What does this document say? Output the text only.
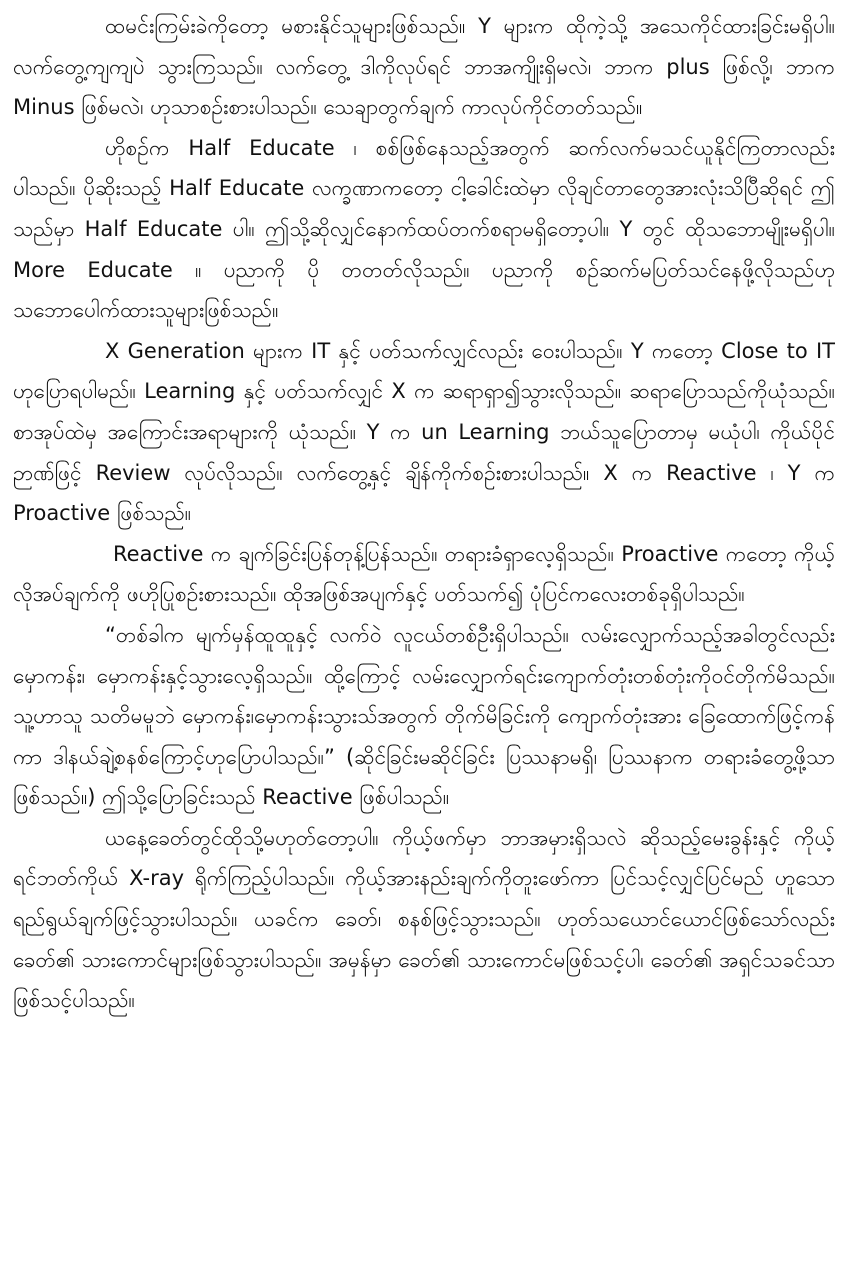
ထမင်းကြမ်းခဲကိုတော့ မစားနိုင်သူများဖြစ်သည်။ Y များက ထိုကဲ့သို့ အသေကိုင်ထားခြင်းမရှိပါ။ လက်တွေ့ကျကျပဲ သွားကြသည်။ လက်တွေ့ ဒါကိုလုပ်ရင် ဘာအကျိုးရှိမလဲ၊ ဘာက plus ဖြစ်လို့၊ ဘာက Minus ဖြစ်မလဲ၊ ဟုသာစဉ်းစားပါသည်။ သေချာတွက်ချက် ကာလုပ်ကိုင်တတ်သည်။

ဟိုစဉ်က Half Educate ၊ စစ်ဖြစ်နေသည့်အတွက် ဆက်လက်မသင်ယူနိုင်ကြတာလည်းပါသည်။ ပိုဆိုးသည့် Half Educate လက္ခဏာကတော့ ငါ့ခေါင်းထဲမှာ လိုချင်တာတွေအားလုံးသိပြီဆိုရင် ဤသည်မှာ Half Educate ပါ။ ဤသို့ဆိုလျှင်နောက်ထပ်တက်စရာမရှိတော့ပါ။ Y တွင် ထိုသဘောမျိုးမရှိပါ။ More Educate ။ ပညာကို ပို တတတ်လိုသည်။ ပညာကို စဉ်ဆက်မပြတ်သင်နေဖို့လိုသည်ဟု သဘောပေါက်ထားသူများဖြစ်သည်။

X Generation များက IT နှင့် ပတ်သက်လျှင်လည်း ဝေးပါသည်။ Y ကတော့ Close to IT ဟုပြောရပါမည်။ Learning နှင့် ပတ်သက်လျှင် X က ဆရာရှာ၍သွားလိုသည်။ ဆရာပြောသည်ကိုယုံသည်။ စာအုပ်ထဲမှ အကြောင်းအရာများကို ယုံသည်။ Y က un Learning ဘယ်သူပြောတာမှ မယုံပါ၊ ကိုယ်ပိုင်ဉာဏ်ဖြင့် Review လုပ်လိုသည်။ လက်တွေ့နှင့် ချိန်ကိုက်စဉ်းစားပါသည်။ X က Reactive ၊ Y က Proactive ဖြစ်သည်။

Reactive က ချက်ခြင်းပြန်တုန့်ပြန်သည်။ တရားခံရှာလေ့ရှိသည်။ Proactive ကတော့ ကိုယ့်လိုအပ်ချက်ကို ဖဟိုပြုစဉ်းစားသည်။ ထိုအဖြစ်အပျက်နှင့် ပတ်သက်၍ ပုံပြင်ကလေးတစ်ခုရှိပါသည်။

“တစ်ခါက မျက်မှန်ထူထူနှင့် လက်ဝဲ လူငယ်တစ်ဦးရှိပါသည်။ လမ်းလျှောက်သည့်အခါတွင်လည်း မှောကန်း၊ မှောကန်းနှင့်သွားလေ့ရှိသည်။ ထို့ကြောင့် လမ်းလျှောက်ရင်းကျောက်တုံးတစ်တုံးကိုဝင်တိုက်မိသည်။ သူ့ဟာသူ သတိမမူဘဲ မှောကန်း၊မှောကန်းသွားသ်အတွက် တိုက်မိခြင်းကို ကျောက်တုံးအား ခြေထောက်ဖြင့်ကန်ကာ ဒါနယ်ချဲ့စနစ်ကြောင့်ဟုပြောပါသည်။” (ဆိုင်ခြင်းမဆိုင်ခြင်း ပြဿနာမရှိ၊ ပြဿနာက တရားခံတွေ့ဖို့သာ ဖြစ်သည်။) ဤသို့ပြောခြင်းသည် Reactive ဖြစ်ပါသည်။

ယနေ့ခေတ်တွင်ထိုသို့မဟုတ်တော့ပါ။ ကိုယ့်ဖက်မှာ ဘာအမှားရှိသလဲ ဆိုသည့်မေးခွန်းနှင့် ကိုယ့်ရင်ဘတ်ကိုယ် X-ray ရိုက်ကြည့်ပါသည်။ ကိုယ့်အားနည်းချက်ကိုတူးဖော်ကာ ပြင်သင့်လျှင်ပြင်မည် ဟူသောရည်ရွယ်ချက်ဖြင့်သွားပါသည်။ ယခင်က ခေတ်၊ စနစ်ဖြင့်သွားသည်။ ဟုတ်သယောင်ယောင်ဖြစ်သော်လည်း ခေတ်၏ သားကောင်များဖြစ်သွားပါသည်။ အမှန်မှာ ခေတ်၏ သားကောင်မဖြစ်သင့်ပါ၊ ခေတ်၏ အရှင်သခင်သာ ဖြစ်သင့်ပါသည်။
